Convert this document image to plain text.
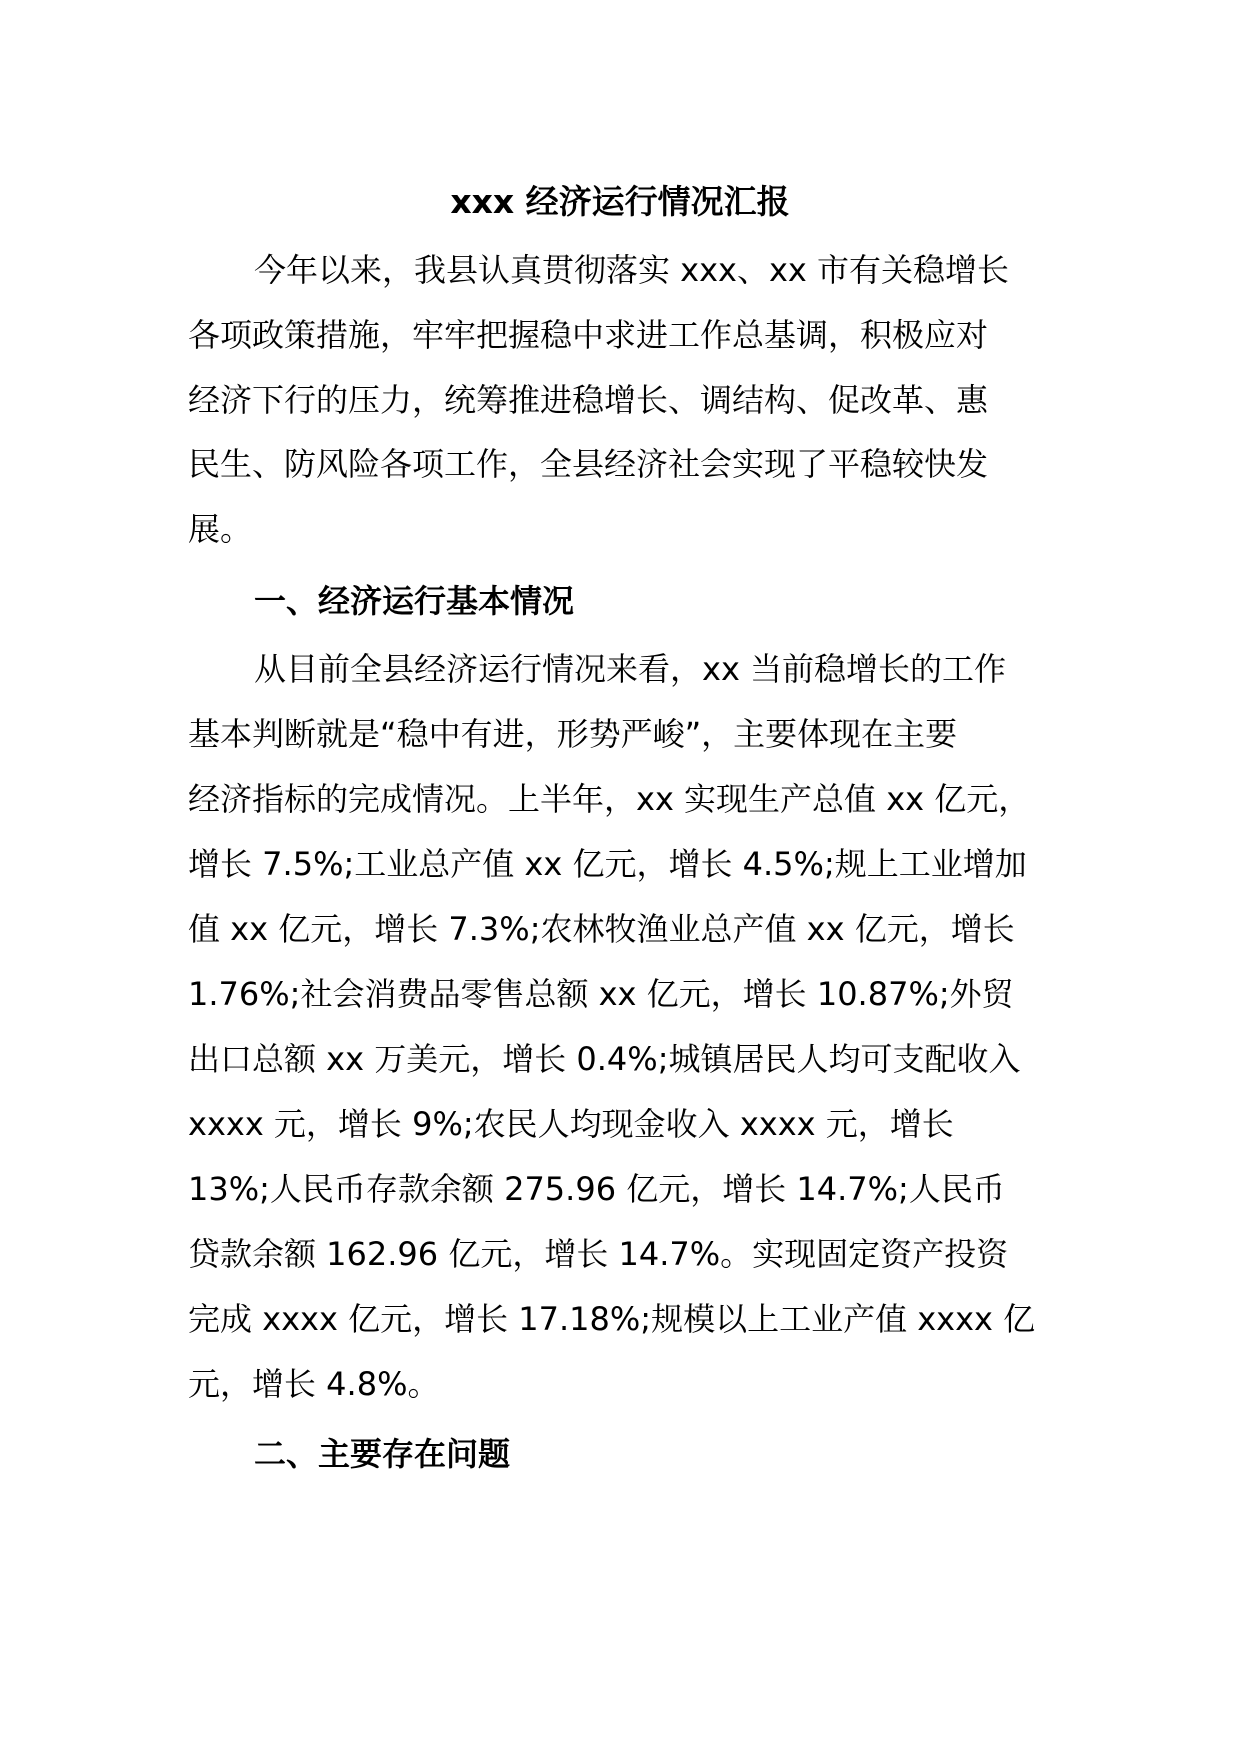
xxx 经济运行情况汇报
今年以来，我县认真贯彻落实 xxx、xx 市有关稳增长
各项政策措施，牢牢把握稳中求进工作总基调，积极应对
经济下行的压力，统筹推进稳增长、调结构、促改革、惠
民生、防风险各项工作，全县经济社会实现了平稳较快发
展。
一、经济运行基本情况
从目前全县经济运行情况来看，xx 当前稳增长的工作
基本判断就是“稳中有进，形势严峻”，主要体现在主要
经济指标的完成情况。上半年，xx 实现生产总值 xx 亿元，
增长 7.5%;工业总产值 xx 亿元，增长 4.5%;规上工业增加
值 xx 亿元，增长 7.3%;农林牧渔业总产值 xx 亿元，增长
1.76%;社会消费品零售总额 xx 亿元，增长 10.87%;外贸
出口总额 xx 万美元，增长 0.4%;城镇居民人均可支配收入
xxxx 元，增长 9%;农民人均现金收入 xxxx 元，增长
13%;人民币存款余额 275.96 亿元，增长 14.7%;人民币
贷款余额 162.96 亿元，增长 14.7%。实现固定资产投资
完成 xxxx 亿元，增长 17.18%;规模以上工业产值 xxxx 亿
元，增长 4.8%。
二、主要存在问题
